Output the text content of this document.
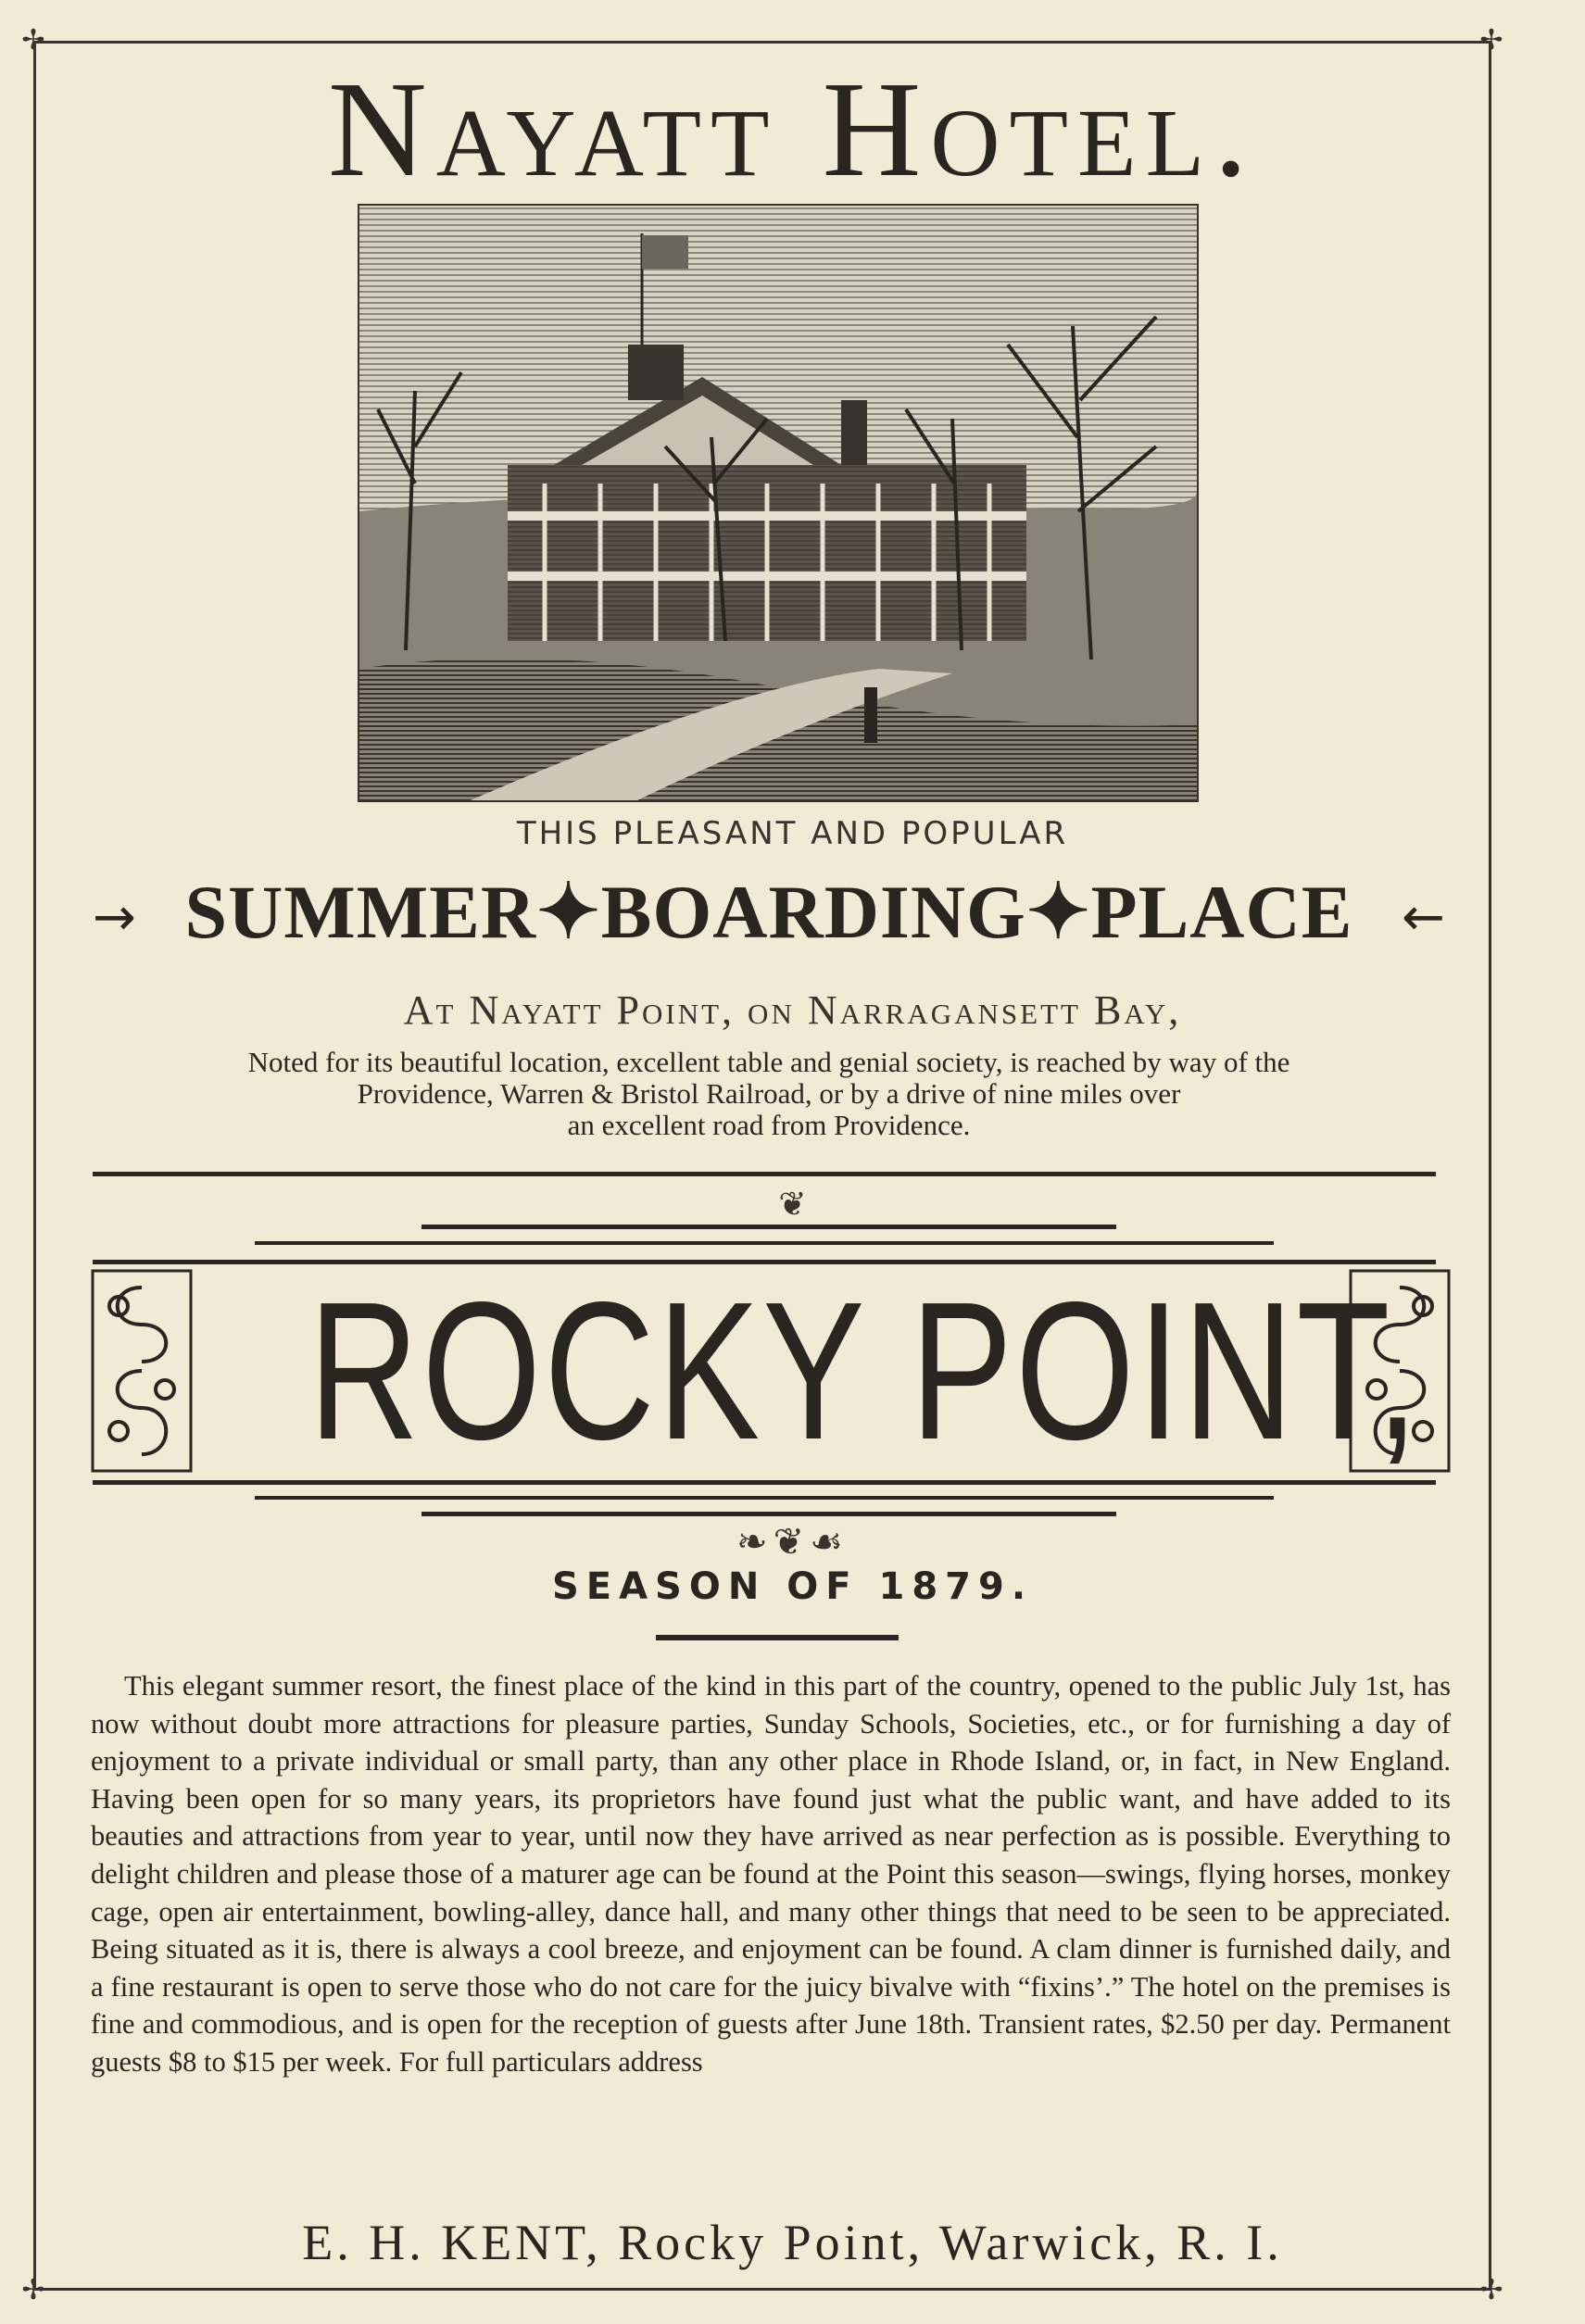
✢	✢
✢	✢
Nayatt Hotel.
THIS PLEASANT AND POPULAR
→ SUMMER✦BOARDING✦PLACE ←
At Nayatt Point, on Narragansett Bay,
Noted for its beautiful location, excellent table and genial society, is reached by way of the
Providence, Warren & Bristol Railroad, or by a drive of nine miles over
an excellent road from Providence.
❦
ROCKY POINT,
❧❦☙
SEASON OF 1879.
This elegant summer resort, the finest place of the kind in this part of the country, opened to the public July 1st, has now without doubt more attractions for pleasure parties, Sunday Schools, Societies, etc., or for furnishing a day of enjoyment to a private individual or small party, than any other place in Rhode Island, or, in fact, in New England. Having been open for so many years, its proprietors have found just what the public want, and have added to its beauties and attractions from year to year, until now they have arrived as near perfection as is possible. Everything to delight children and please those of a maturer age can be found at the Point this season—swings, flying horses, monkey cage, open air entertainment, bowling-alley, dance hall, and many other things that need to be seen to be appreciated. Being situated as it is, there is always a cool breeze, and enjoyment can be found. A clam dinner is furnished daily, and a fine restaurant is open to serve those who do not care for the juicy bivalve with “fixins’.” The hotel on the premises is fine and commodious, and is open for the reception of guests after June 18th. Transient rates, $2.50 per day. Permanent guests $8 to $15 per week. For full particulars address
E. H. KENT, Rocky Point, Warwick, R. I.
